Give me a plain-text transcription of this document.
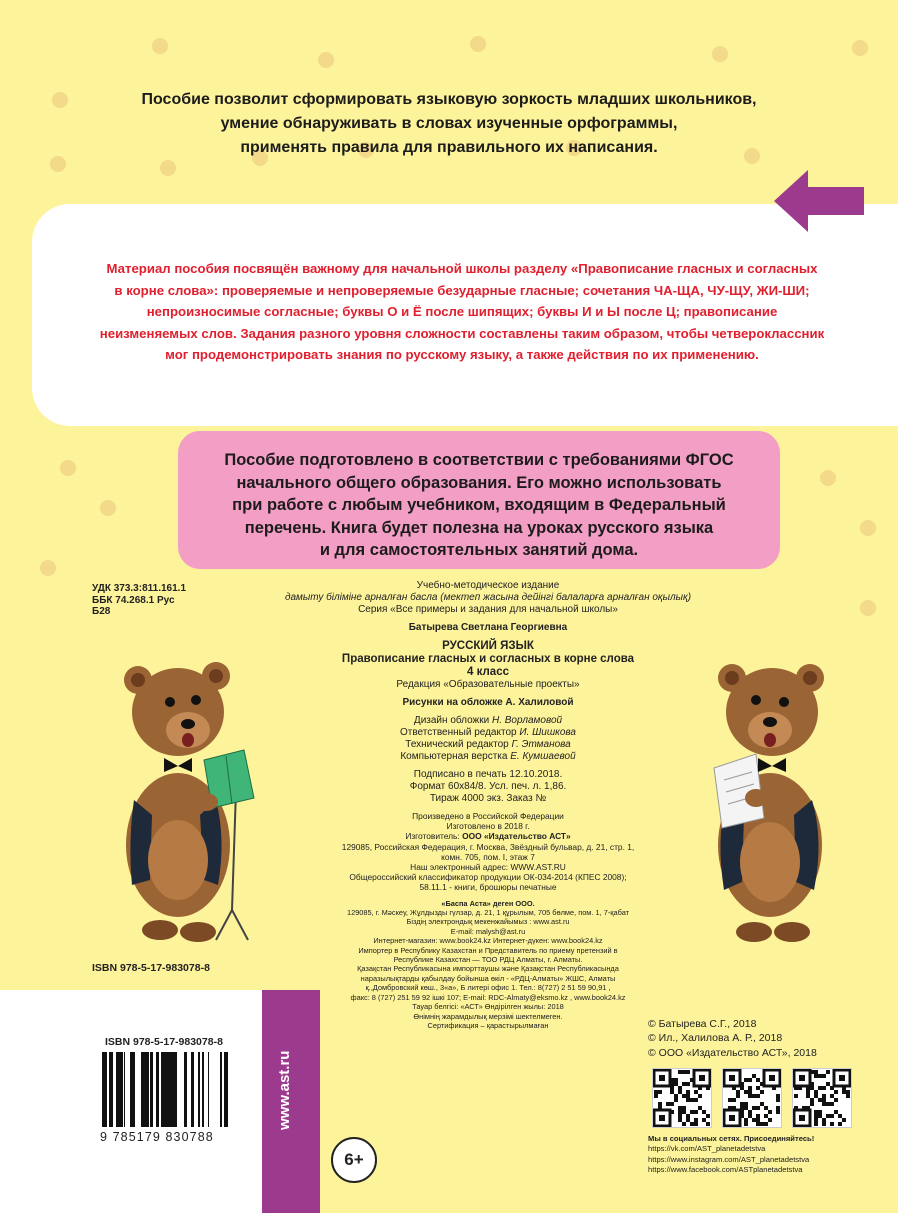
Пособие позволит сформировать языковую зоркость младших школьников,
умение обнаруживать в словах изученные орфограммы,
применять правила для правильного их написания.
Материал пособия посвящён важному для начальной школы разделу «Правописание гласных и согласных
в корне слова»: проверяемые и непроверяемые безударные гласные; сочетания ЧА-ЩА, ЧУ-ЩУ, ЖИ-ШИ;
непроизносимые согласные; буквы О и Ё после шипящих; буквы И и Ы после Ц; правописание
неизменяемых слов. Задания разного уровня сложности составлены таким образом, чтобы четвероклассник
мог продемонстрировать знания по русскому языку, а также действия по их применению.
Пособие подготовлено в соответствии с требованиями ФГОС
начального общего образования. Его можно использовать
при работе с любым учебником, входящим в Федеральный
перечень. Книга будет полезна на уроках русского языка
и для самостоятельных занятий дома.
УДК 373.3:811.161.1
ББК 74.268.1 Рус
Б28
Учебно-методическое издание
дамыту біліміне арналған басла (мектеп жасына дейінгі балаларға арналған оқылық)
Серия «Все примеры и задания для начальной школы»
Батырева Светлана Георгиевна
РУССКИЙ ЯЗЫК
Правописание гласных и согласных в корне слова
4 класс
Редакция «Образовательные проекты»
Рисунки на обложке А. Халиловой
Дизайн обложки Н. Ворламовой
Ответственный редактор И. Шишкова
Технический редактор Г. Этманова
Компьютерная верстка Е. Кумшаевой
Подписано в печать 12.10.2018.
Формат 60х84/8. Усл. печ. л. 1,86.
Тираж 4000 экз. Заказ №
Произведено в Российской Федерации
Изготовлено в 2018 г.
Изготовитель: ООО «Издательство АСТ»
129085, Российская Федерация, г. Москва, Звёздный бульвар, д. 21, стр. 1,
комн. 705, пом. I, этаж 7
Наш электронный адрес: WWW.AST.RU
Общероссийский классификатор продукции ОК-034-2014 (КПЕС 2008);
58.11.1 - книги, брошюры печатные
«Баспа Аста» деген ООО.
129085, г. Мәскеу, Жұлдызды гүлзар, д. 21, 1 құрылым, 705 бөлме, пом. 1, 7-қабат
Біздің электрондық мекенжайымыз : www.ast.ru
E-mail: malysh@ast.ru
Интернет-магазин: www.book24.kz Интернет-дүкен: www.book24.kz
Импортер в Республику Казахстан и Представитель по приему претензий в
Республике Казахстан — ТОО РДЦ Алматы, г. Алматы.
Қазақстан Республикасына импорттаушы және Қазақстан Республикасында
наразылықтарды қабылдау бойынша өкіл - «РДЦ-Алматы» ЖШС, Алматы
қ.,Домбровский көш., 3«а», Б литері офис 1. Тел.: 8(727) 2 51 59 90,91 ,
факс: 8 (727) 251 59 92 ішкі 107; E-mail: RDC-Almaty@eksmo.kz , www.book24.kz
Тауар белгісі: «АСТ» Өндірілген жылы: 2018
Өнімнің жарамдылық мерзімі шектелмеген.
Сертификация – қарастырылмаған
ISBN 978-5-17-983078-8
ISBN 978-5-17-983078-8
9 785179 830788
www.ast.ru
6+
© Батырева С.Г., 2018
© Ил., Халилова А. Р., 2018
© ООО «Издательство АСТ», 2018
Мы в социальных сетях. Присоединяйтесь!
https://vk.com/AST_planetadetstva
https://www.instagram.com/AST_planetadetstva
https://www.facebook.com/ASTplanetadetstva
